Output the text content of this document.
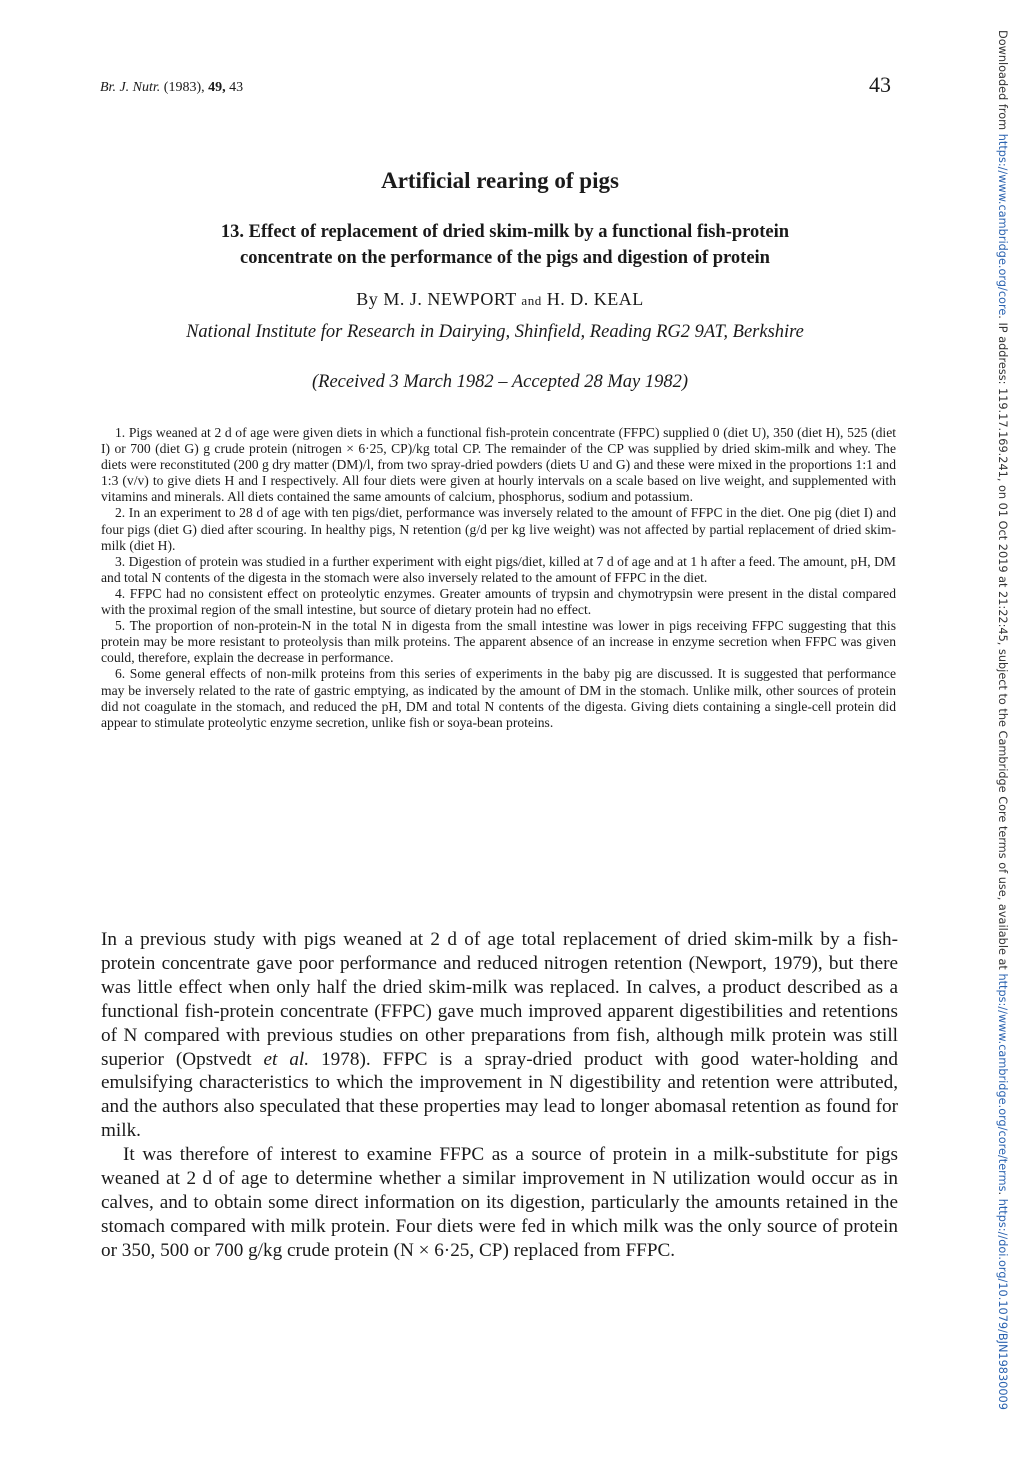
Br. J. Nutr. (1983), 49, 43	43
Artificial rearing of pigs
13. Effect of replacement of dried skim-milk by a functional fish-protein
concentrate on the performance of the pigs and digestion of protein
By M. J. NEWPORT and H. D. KEAL
National Institute for Research in Dairying, Shinfield, Reading RG2 9AT, Berkshire
(Received 3 March 1982 – Accepted 28 May 1982)

1. Pigs weaned at 2 d of age were given diets in which a functional fish-protein concentrate (FFPC) supplied 0 (diet U), 350 (diet H), 525 (diet I) or 700 (diet G) g crude protein (nitrogen × 6·25, CP)/kg total CP. The remainder of the CP was supplied by dried skim-milk and whey. The diets were reconstituted (200 g dry matter (DM)/l, from two spray-dried powders (diets U and G) and these were mixed in the proportions 1:1 and 1:3 (v/v) to give diets H and I respectively. All four diets were given at hourly intervals on a scale based on live weight, and supplemented with vitamins and minerals. All diets contained the same amounts of calcium, phosphorus, sodium and potassium.

2. In an experiment to 28 d of age with ten pigs/diet, performance was inversely related to the amount of FFPC in the diet. One pig (diet I) and four pigs (diet G) died after scouring. In healthy pigs, N retention (g/d per kg live weight) was not affected by partial replacement of dried skim-milk (diet H).

3. Digestion of protein was studied in a further experiment with eight pigs/diet, killed at 7 d of age and at 1 h after a feed. The amount, pH, DM and total N contents of the digesta in the stomach were also inversely related to the amount of FFPC in the diet.

4. FFPC had no consistent effect on proteolytic enzymes. Greater amounts of trypsin and chymotrypsin were present in the distal compared with the proximal region of the small intestine, but source of dietary protein had no effect.

5. The proportion of non-protein-N in the total N in digesta from the small intestine was lower in pigs receiving FFPC suggesting that this protein may be more resistant to proteolysis than milk proteins. The apparent absence of an increase in enzyme secretion when FFPC was given could, therefore, explain the decrease in performance.

6. Some general effects of non-milk proteins from this series of experiments in the baby pig are discussed. It is suggested that performance may be inversely related to the rate of gastric emptying, as indicated by the amount of DM in the stomach. Unlike milk, other sources of protein did not coagulate in the stomach, and reduced the pH, DM and total N contents of the digesta. Giving diets containing a single-cell protein did appear to stimulate proteolytic enzyme secretion, unlike fish or soya-bean proteins.

In a previous study with pigs weaned at 2 d of age total replacement of dried skim-milk by a fish-protein concentrate gave poor performance and reduced nitrogen retention (Newport, 1979), but there was little effect when only half the dried skim-milk was replaced. In calves, a product described as a functional fish-protein concentrate (FFPC) gave much improved apparent digestibilities and retentions of N compared with previous studies on other preparations from fish, although milk protein was still superior (Opstvedt et al. 1978). FFPC is a spray-dried product with good water-holding and emulsifying characteristics to which the improvement in N digestibility and retention were attributed, and the authors also speculated that these properties may lead to longer abomasal retention as found for milk.

It was therefore of interest to examine FFPC as a source of protein in a milk-substitute for pigs weaned at 2 d of age to determine whether a similar improvement in N utilization would occur as in calves, and to obtain some direct information on its digestion, particularly the amounts retained in the stomach compared with milk protein. Four diets were fed in which milk was the only source of protein or 350, 500 or 700 g/kg crude protein (N × 6·25, CP) replaced from FFPC.

Downloaded from https://www.cambridge.org/core. IP address: 119.17.169.241, on 01 Oct 2019 at 21:22:45, subject to the Cambridge Core terms of use, available at https://www.cambridge.org/core/terms. https://doi.org/10.1079/BJN19830009
